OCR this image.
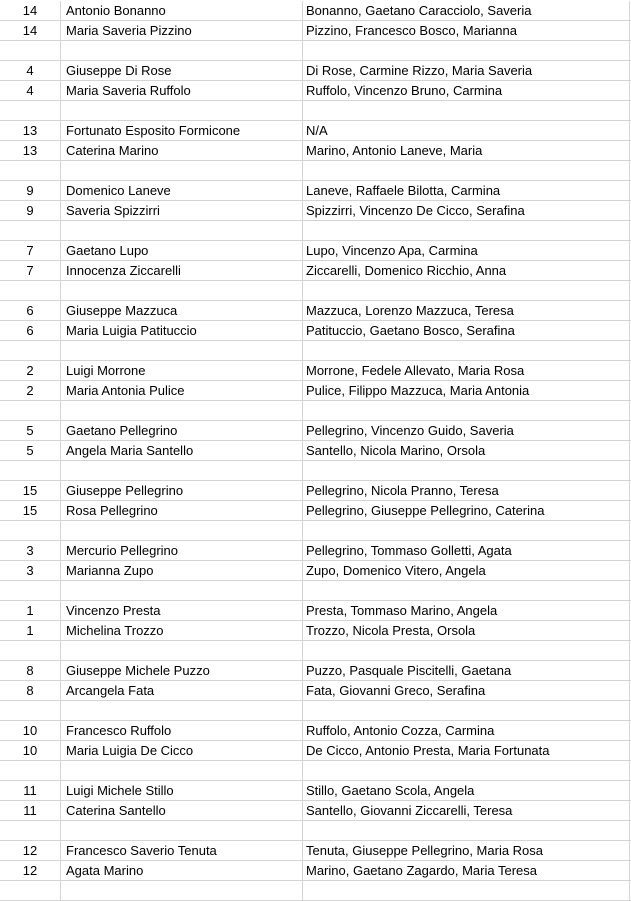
14	Antonio Bonanno	Bonanno, Gaetano Caracciolo, Saveria
14	Maria Saveria Pizzino	Pizzino, Francesco Bosco, Marianna
4	Giuseppe Di Rose	Di Rose, Carmine Rizzo, Maria Saveria
4	Maria Saveria Ruffolo	Ruffolo, Vincenzo Bruno, Carmina
13	Fortunato Esposito Formicone	N/A
13	Caterina Marino	Marino, Antonio Laneve, Maria
9	Domenico Laneve	Laneve, Raffaele Bilotta, Carmina
9	Saveria Spizzirri	Spizzirri, Vincenzo De Cicco, Serafina
7	Gaetano Lupo	Lupo, Vincenzo Apa, Carmina
7	Innocenza Ziccarelli	Ziccarelli, Domenico Ricchio, Anna
6	Giuseppe Mazzuca	Mazzuca, Lorenzo Mazzuca, Teresa
6	Maria Luigia Patituccio	Patituccio, Gaetano Bosco, Serafina
2	Luigi Morrone	Morrone, Fedele Allevato, Maria Rosa
2	Maria Antonia Pulice	Pulice, Filippo Mazzuca, Maria Antonia
5	Gaetano Pellegrino	Pellegrino, Vincenzo Guido, Saveria
5	Angela Maria Santello	Santello, Nicola Marino, Orsola
15	Giuseppe Pellegrino	Pellegrino, Nicola Pranno, Teresa
15	Rosa Pellegrino	Pellegrino, Giuseppe Pellegrino, Caterina
3	Mercurio Pellegrino	Pellegrino, Tommaso Golletti, Agata
3	Marianna Zupo	Zupo, Domenico Vitero, Angela
1	Vincenzo Presta	Presta, Tommaso Marino, Angela
1	Michelina Trozzo	Trozzo, Nicola Presta, Orsola
8	Giuseppe Michele Puzzo	Puzzo, Pasquale Piscitelli, Gaetana
8	Arcangela Fata	Fata, Giovanni Greco, Serafina
10	Francesco Ruffolo	Ruffolo, Antonio Cozza, Carmina
10	Maria Luigia De Cicco	De Cicco, Antonio Presta, Maria Fortunata
11	Luigi Michele Stillo	Stillo, Gaetano Scola, Angela
11	Caterina Santello	Santello, Giovanni Ziccarelli, Teresa
12	Francesco Saverio Tenuta	Tenuta, Giuseppe Pellegrino, Maria Rosa
12	Agata Marino	Marino, Gaetano Zagardo, Maria Teresa
